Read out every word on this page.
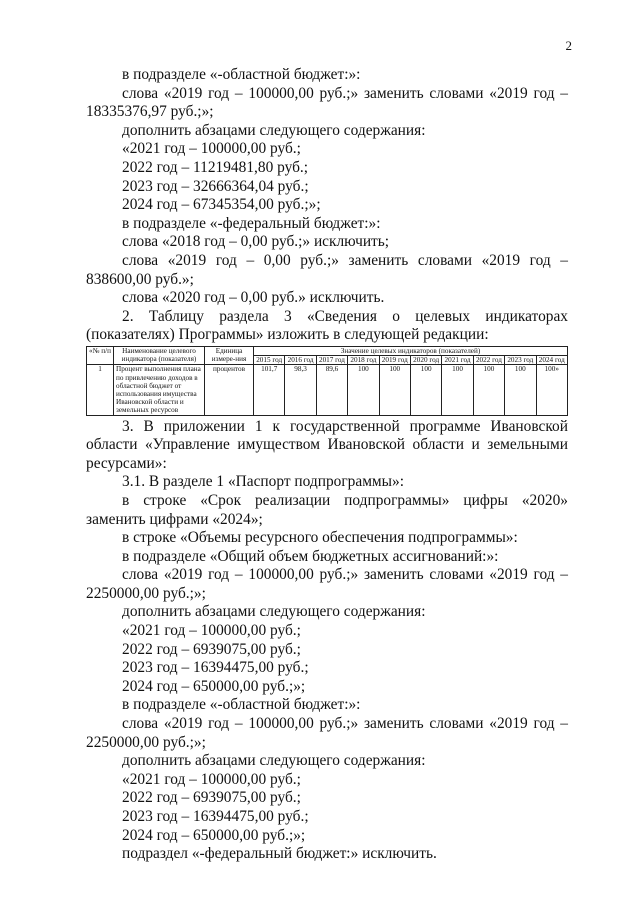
2

в подразделе «-областной бюджет:»:

слова «2019 год – 100000,00 руб.;» заменить словами «2019 год – 18335376,97 руб.;»;

дополнить абзацами следующего содержания:

«2021 год – 100000,00 руб.;

2022 год – 11219481,80 руб.;

2023 год – 32666364,04 руб.;

2024 год – 67345354,00 руб.;»;

в подразделе «-федеральный бюджет:»:

слова «2018 год – 0,00 руб.;» исключить;

слова «2019 год – 0,00 руб.;» заменить словами «2019 год – 838600,00 руб.»;

слова «2020 год – 0,00 руб.» исключить.

2. Таблицу раздела 3 «Сведения о целевых индикаторах (показателях) Программы» изложить в следующей редакции:

«№ п/п	Наименование целевого индикатора (показателя)	Единица измере-ния	Значение целевых индикаторов (показателей)									
			2015 год	2016 год	2017 год	2018 год	2019 год	2020 год	2021 год	2022 год	2023 год	2024 год
1	Процент выполнения плана по привлечению доходов в областной бюджет от использования имущества Ивановской области и земельных ресурсов	процентов	101,7	98,3	89,6	100	100	100	100	100	100	100»

3. В приложении 1 к государственной программе Ивановской области «Управление имуществом Ивановской области и земельными ресурсами»:

3.1. В разделе 1 «Паспорт подпрограммы»:

в строке «Срок реализации подпрограммы» цифры «2020» заменить цифрами «2024»;

в строке «Объемы ресурсного обеспечения подпрограммы»:

в подразделе «Общий объем бюджетных ассигнований:»:

слова «2019 год – 100000,00 руб.;» заменить словами «2019 год – 2250000,00 руб.;»;

дополнить абзацами следующего содержания:

«2021 год – 100000,00 руб.;

2022 год – 6939075,00 руб.;

2023 год – 16394475,00 руб.;

2024 год – 650000,00 руб.;»;

в подразделе «-областной бюджет:»:

слова «2019 год – 100000,00 руб.;» заменить словами «2019 год – 2250000,00 руб.;»;

дополнить абзацами следующего содержания:

«2021 год – 100000,00 руб.;

2022 год – 6939075,00 руб.;

2023 год – 16394475,00 руб.;

2024 год – 650000,00 руб.;»;

подраздел «-федеральный бюджет:» исключить.
